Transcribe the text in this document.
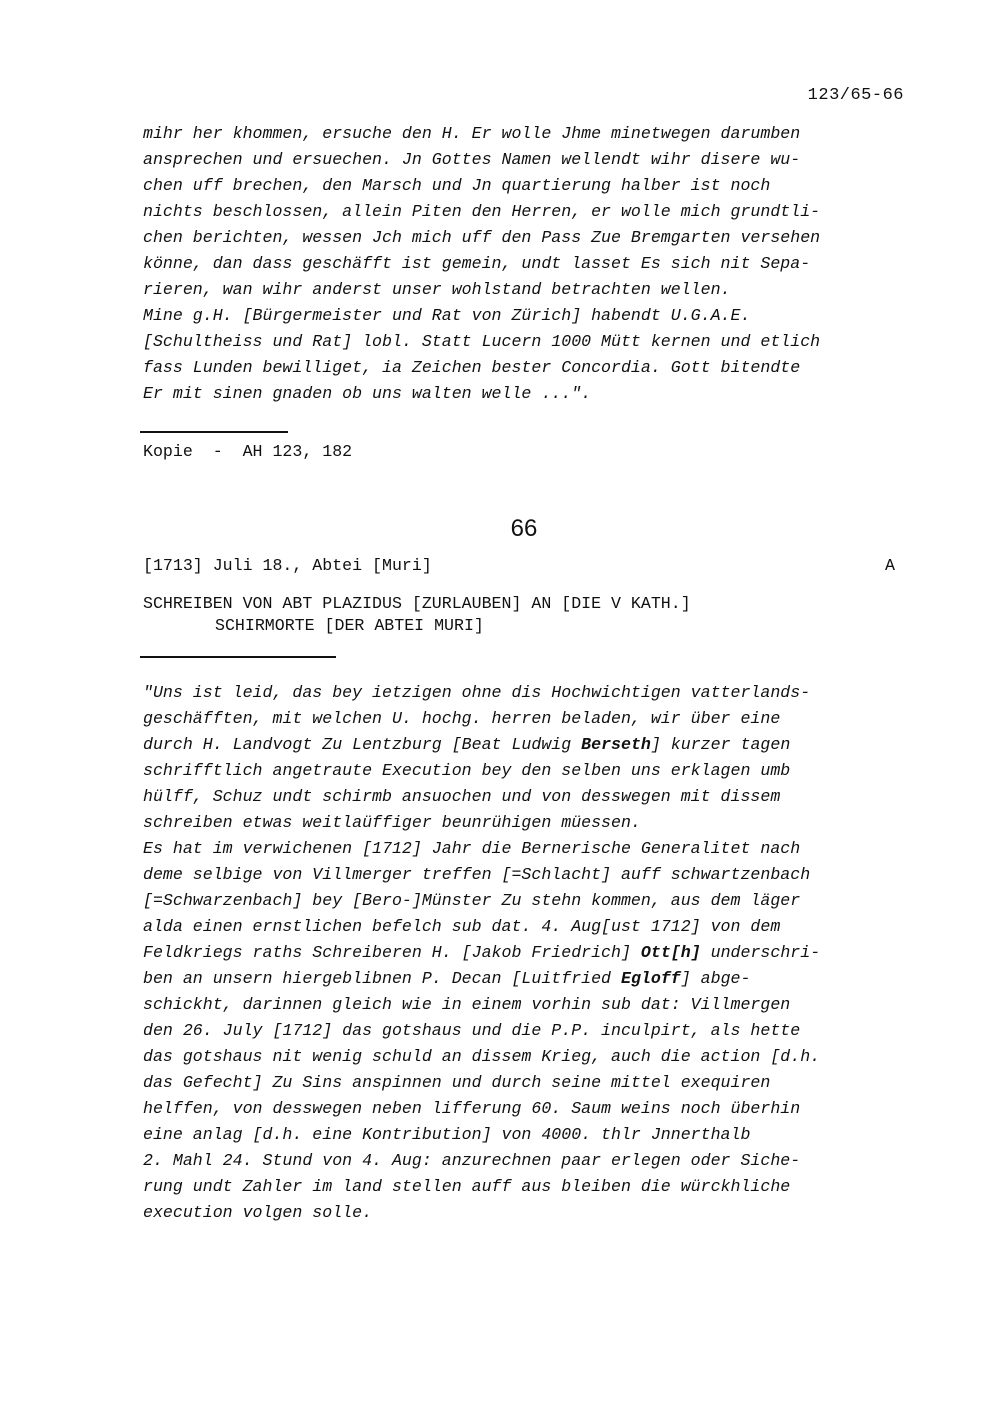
123/65-66
mihr her khommen, ersuche den H. Er wolle Jhme minetwegen darumben
ansprechen und ersuechen. Jn Gottes Namen wellendt wihr disere wu-
chen uff brechen, den Marsch und Jn quartierung halber ist noch
nichts beschlossen, allein Piten den Herren, er wolle mich grundtli-
chen berichten, wessen Jch mich uff den Pass Zue Bremgarten versehen
könne, dan dass geschäfft ist gemein, undt lasset Es sich nit Sepa-
rieren, wan wihr anderst unser wohlstand betrachten wellen.
Mine g.H. [Bürgermeister und Rat von Zürich] habendt U.G.A.E.
[Schultheiss und Rat] lobl. Statt Lucern 1000 Mütt kernen und etlich
fass Lunden bewilliget, ia Zeichen bester Concordia. Gott bitendte
Er mit sinen gnaden ob uns walten welle ...".
Kopie  -  AH 123, 182
66
[1713] Juli 18., Abtei [Muri]	A
SCHREIBEN VON ABT PLAZIDUS [ZURLAUBEN] AN [DIE V KATH.]
SCHIRMORTE [DER ABTEI MURI]
"Uns ist leid, das bey ietzigen ohne dis Hochwichtigen vatterlands-
geschäfften, mit welchen U. hochg. herren beladen, wir über eine
durch H. Landvogt Zu Lentzburg [Beat Ludwig Berseth] kurzer tagen
schrifftlich angetraute Execution bey den selben uns erklagen umb
hülff, Schuz undt schirmb ansuochen und von desswegen mit dissem
schreiben etwas weitlaüffiger beunrühigen müessen.
Es hat im verwichenen [1712] Jahr die Bernerische Generalitet nach
deme selbige von Villmerger treffen [=Schlacht] auff schwartzenbach
[=Schwarzenbach] bey [Bero-]Münster Zu stehn kommen, aus dem läger
alda einen ernstlichen befelch sub dat. 4. Aug[ust 1712] von dem
Feldkriegs raths Schreiberen H. [Jakob Friedrich] Ott[h] underschri-
ben an unsern hiergeblibnen P. Decan [Luitfried Egloff] abge-
schickht, darinnen gleich wie in einem vorhin sub dat: Villmergen
den 26. July [1712] das gotshaus und die P.P. inculpirt, als hette
das gotshaus nit wenig schuld an dissem Krieg, auch die action [d.h.
das Gefecht] Zu Sins anspinnen und durch seine mittel exequiren
helffen, von desswegen neben lifferung 60. Saum weins noch überhin
eine anlag [d.h. eine Kontribution] von 4000. thlr Jnnerthalb
2. Mahl 24. Stund von 4. Aug: anzurechnen paar erlegen oder Siche-
rung undt Zahler im land stellen auff aus bleiben die würckhliche
execution volgen solle.
